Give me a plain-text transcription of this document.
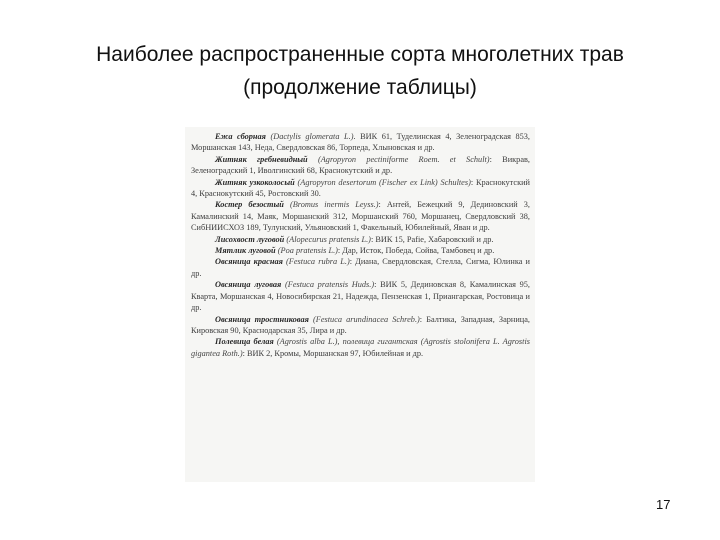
Наиболее распространенные сорта многолетних трав
(продолжение таблицы)

Ежа сборная (Dactylis glomerata L.). ВИК 61, Туделинская 4, Зеленоградская 853, Моршанская 143, Неда, Свердловская 86, Торпеда, Хлыновская и др.

Житняк гребневидный (Agropyron pectiniforme Roem. et Schult): Викрав, Зеленоградский 1, Иволгинский 68, Краснокутский и др.

Житняк узкоколосый (Agropyron desertorum (Fischer ex Link) Schultes): Краснокутский 4, Краснокутский 45, Ростовский 30.

Костер безостый (Bromus inermis Leyss.): Антей, Бежецкий 9, Дединовский 3, Камалинский 14, Маяк, Моршанский 312, Моршанский 760, Моршанец, Свердловский 38, СибНИИСХОЗ 189, Тулунский, Ульяновский 1, Факельный, Юбилейный, Яван и др.

Лисохвост луговой (Alopecurus pratensis L.): ВИК 15, Pafie, Хабаровский и др.

Мятлик луговой (Poa pratensis L.): Дар, Исток, Победа, Сойва, Тамбовец и др.

Овсяница красная (Festuca rubra L.): Диана, Свердловская, Стелла, Сигма, Юлинка и др.

Овсяница луговая (Festuca pratensis Huds.): ВИК 5, Дединовская 8, Камалинская 95, Кварта, Моршанская 4, Новосибирская 21, Надежда, Пензенская 1, Приангарская, Ростовица и др.

Овсяница тростниковая (Festuca arundinacea Schreb.): Балтика, Западная, Зарница, Кировская 90, Краснодарская 35, Лира и др.

Полевица белая (Agrostis alba L.), полевица гигантская (Agrostis stolonifera L. Agrostis gigantea Roth.): ВИК 2, Кромы, Моршанская 97, Юбилейная и др.

17
